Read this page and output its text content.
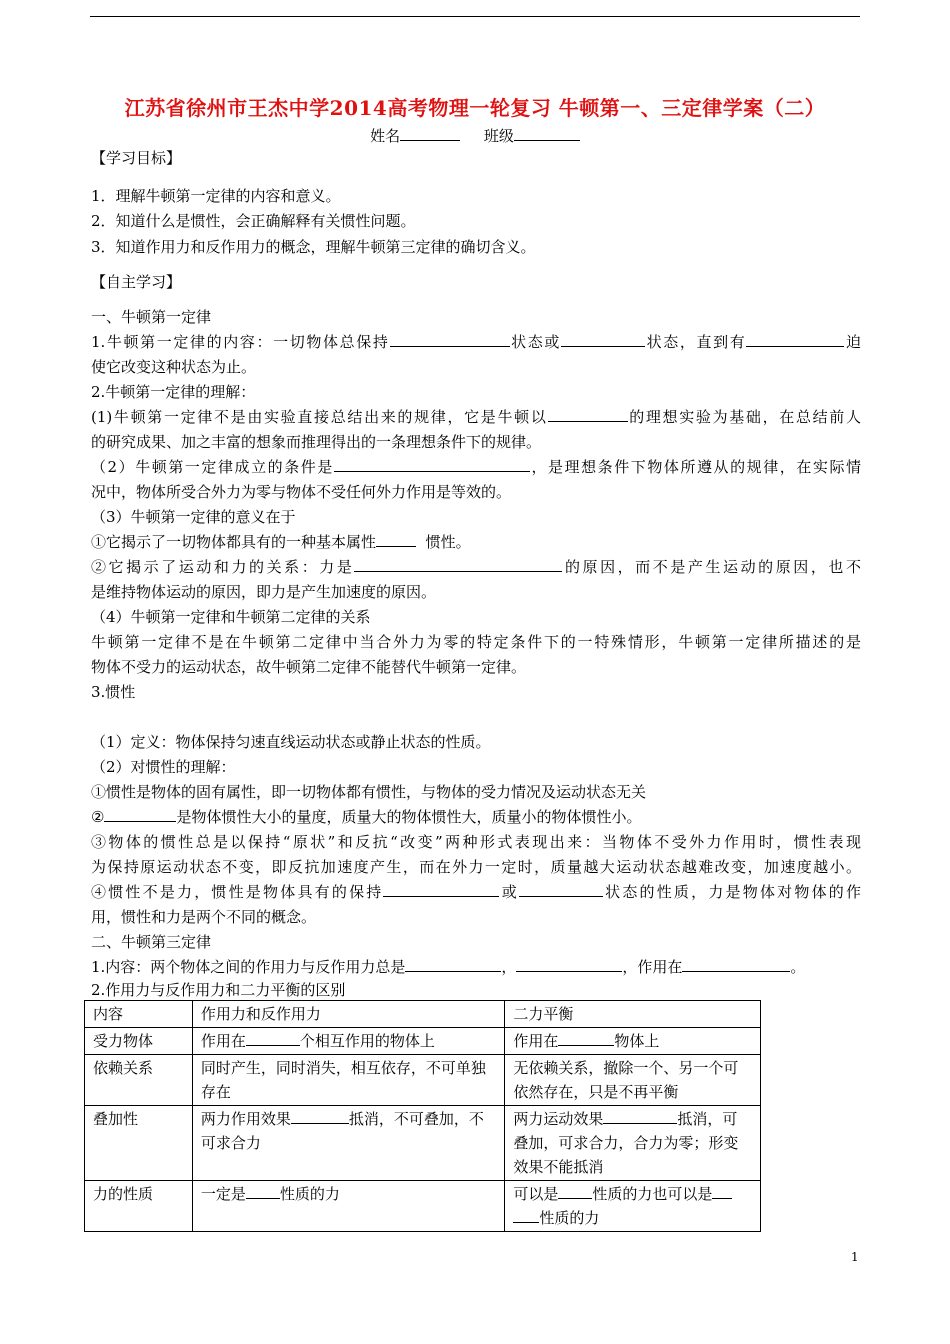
江苏省徐州市王杰中学2014高考物理一轮复习 牛顿第一、三定律学案（二）
姓名	班级
【学习目标】
1．理解牛顿第一定律的内容和意义。
2．知道什么是惯性，会正确解释有关惯性问题。
3．知道作用力和反作用力的概念，理解牛顿第三定律的确切含义。
【自主学习】
一、牛顿第一定律
1.牛顿第一定律的内容：一切物体总保持	状态或	状态，直到有	迫
使它改变这种状态为止。
2.牛顿第一定律的理解：
(1)牛顿第一定律不是由实验直接总结出来的规律，它是牛顿以	的理想实验为基础，在总结前人
的研究成果、加之丰富的想象而推理得出的一条理想条件下的规律。
（2）牛顿第一定律成立的条件是	，是理想条件下物体所遵从的规律，在实际情
况中，物体所受合外力为零与物体不受任何外力作用是等效的。
（3）牛顿第一定律的意义在于
①它揭示了一切物体都具有的一种基本属性	惯性。
②它揭示了运动和力的关系：力是	的原因，而不是产生运动的原因，也不
是维持物体运动的原因，即力是产生加速度的原因。
（4）牛顿第一定律和牛顿第二定律的关系
牛顿第一定律不是在牛顿第二定律中当合外力为零的特定条件下的一特殊情形，牛顿第一定律所描述的是
物体不受力的运动状态，故牛顿第二定律不能替代牛顿第一定律。
3.惯性
（1）定义：物体保持匀速直线运动状态或静止状态的性质。
（2）对惯性的理解：
①惯性是物体的固有属性，即一切物体都有惯性，与物体的受力情况及运动状态无关
②	是物体惯性大小的量度，质量大的物体惯性大，质量小的物体惯性小。
③物体的惯性总是以保持“原状”和反抗“改变”两种形式表现出来：当物体不受外力作用时，惯性表现
为保持原运动状态不变，即反抗加速度产生，而在外力一定时，质量越大运动状态越难改变，加速度越小。
④惯性不是力，惯性是物体具有的保持	或	状态的性质，力是物体对物体的作
用，惯性和力是两个不同的概念。
二、牛顿第三定律
1.内容：两个物体之间的作用力与反作用力总是	，	，作用在	。
2.作用力与反作用力和二力平衡的区别
内容	作用力和反作用力	二力平衡
受力物体	作用在 个相互作用的物体上	作用在 物体上
依赖关系	同时产生，同时消失，相互依存，不可单独存在	无依赖关系，撤除一个、另一个可依然存在，只是不再平衡
叠加性	两力作用效果 抵消，不可叠加，不可求合力	两力运动效果 抵消，可叠加，可求合力，合力为零；形变效果不能抵消
力的性质	一定是 性质的力	可以是 性质的力也可以是
性质的力
1
